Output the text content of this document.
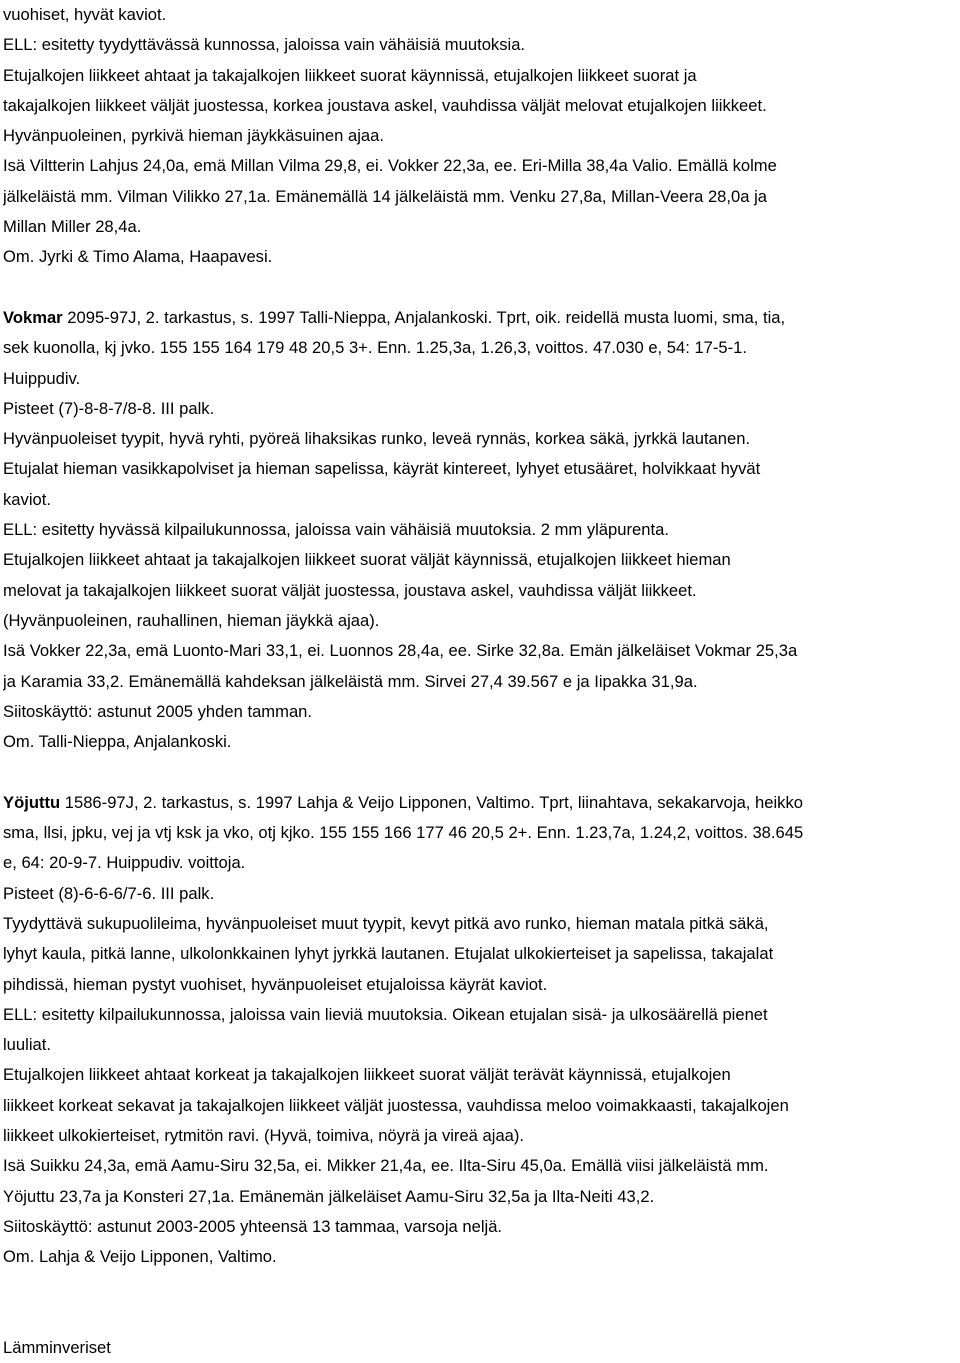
vuohiset, hyvät kaviot.
ELL: esitetty tyydyttävässä kunnossa, jaloissa vain vähäisiä muutoksia.
Etujalkojen liikkeet ahtaat ja takajalkojen liikkeet suorat käynnissä, etujalkojen liikkeet suorat ja
takajalkojen liikkeet väljät juostessa, korkea joustava askel, vauhdissa väljät melovat etujalkojen liikkeet.
Hyvänpuoleinen, pyrkivä hieman jäykkäsuinen ajaa.
Isä Viltterin Lahjus 24,0a, emä Millan Vilma 29,8, ei. Vokker 22,3a, ee. Eri-Milla 38,4a Valio. Emällä kolme
jälkeläistä mm. Vilman Vilikko 27,1a. Emänemällä 14 jälkeläistä mm. Venku 27,8a, Millan-Veera 28,0a ja
Millan Miller 28,4a.
Om. Jyrki & Timo Alama, Haapavesi.
Vokmar 2095-97J, 2. tarkastus, s. 1997 Talli-Nieppa, Anjalankoski. Tprt, oik. reidellä musta luomi, sma, tia,
sek kuonolla, kj jvko. 155 155 164 179 48 20,5 3+. Enn. 1.25,3a, 1.26,3, voittos. 47.030 e, 54: 17-5-1.
Huippudiv.
Pisteet (7)-8-8-7/8-8. III palk.
Hyvänpuoleiset tyypit, hyvä ryhti, pyöreä lihaksikas runko, leveä rynnäs, korkea säkä, jyrkkä lautanen.
Etujalat hieman vasikkapolviset ja hieman sapelissa, käyrät kintereet, lyhyet etusääret, holvikkaat hyvät
kaviot.
ELL: esitetty hyvässä kilpailukunnossa, jaloissa vain vähäisiä muutoksia. 2 mm yläpurenta.
Etujalkojen liikkeet ahtaat ja takajalkojen liikkeet suorat väljät käynnissä, etujalkojen liikkeet hieman
melovat ja takajalkojen liikkeet suorat väljät juostessa, joustava askel, vauhdissa väljät liikkeet.
(Hyvänpuoleinen, rauhallinen, hieman jäykkä ajaa).
Isä Vokker 22,3a, emä Luonto-Mari 33,1, ei. Luonnos 28,4a, ee. Sirke 32,8a. Emän jälkeläiset Vokmar 25,3a
ja Karamia 33,2. Emänemällä kahdeksan jälkeläistä mm. Sirvei 27,4 39.567 e ja Iipakka 31,9a.
Siitoskäyttö: astunut 2005 yhden tamman.
Om. Talli-Nieppa, Anjalankoski.
Yöjuttu 1586-97J, 2. tarkastus, s. 1997 Lahja & Veijo Lipponen, Valtimo. Tprt, liinahtava, sekakarvoja, heikko
sma, llsi, jpku, vej ja vtj ksk ja vko, otj kjko. 155 155 166 177 46 20,5 2+. Enn. 1.23,7a, 1.24,2, voittos. 38.645
e, 64: 20-9-7. Huippudiv. voittoja.
Pisteet (8)-6-6-6/7-6. III palk.
Tyydyttävä sukupuolileima, hyvänpuoleiset muut tyypit, kevyt pitkä avo runko, hieman matala pitkä säkä,
lyhyt kaula, pitkä lanne, ulkolonkkainen lyhyt jyrkkä lautanen. Etujalat ulkokierteiset ja sapelissa, takajalat
pihdissä, hieman pystyt vuohiset, hyvänpuoleiset etujaloissa käyrät kaviot.
ELL: esitetty kilpailukunnossa, jaloissa vain lieviä muutoksia. Oikean etujalan sisä- ja ulkosäärellä pienet
luuliat.
Etujalkojen liikkeet ahtaat korkeat ja takajalkojen liikkeet suorat väljät terävät käynnissä, etujalkojen
liikkeet korkeat sekavat ja takajalkojen liikkeet väljät juostessa, vauhdissa meloo voimakkaasti, takajalkojen
liikkeet ulkokierteiset, rytmitön ravi. (Hyvä, toimiva, nöyrä ja vireä ajaa).
Isä Suikku 24,3a, emä Aamu-Siru 32,5a, ei. Mikker 21,4a, ee. Ilta-Siru 45,0a. Emällä viisi jälkeläistä mm.
Yöjuttu 23,7a ja Konsteri 27,1a. Emänemän jälkeläiset Aamu-Siru 32,5a ja Ilta-Neiti 43,2.
Siitoskäyttö: astunut 2003-2005 yhteensä 13 tammaa, varsoja neljä.
Om. Lahja & Veijo Lipponen, Valtimo.
Lämminveriset
